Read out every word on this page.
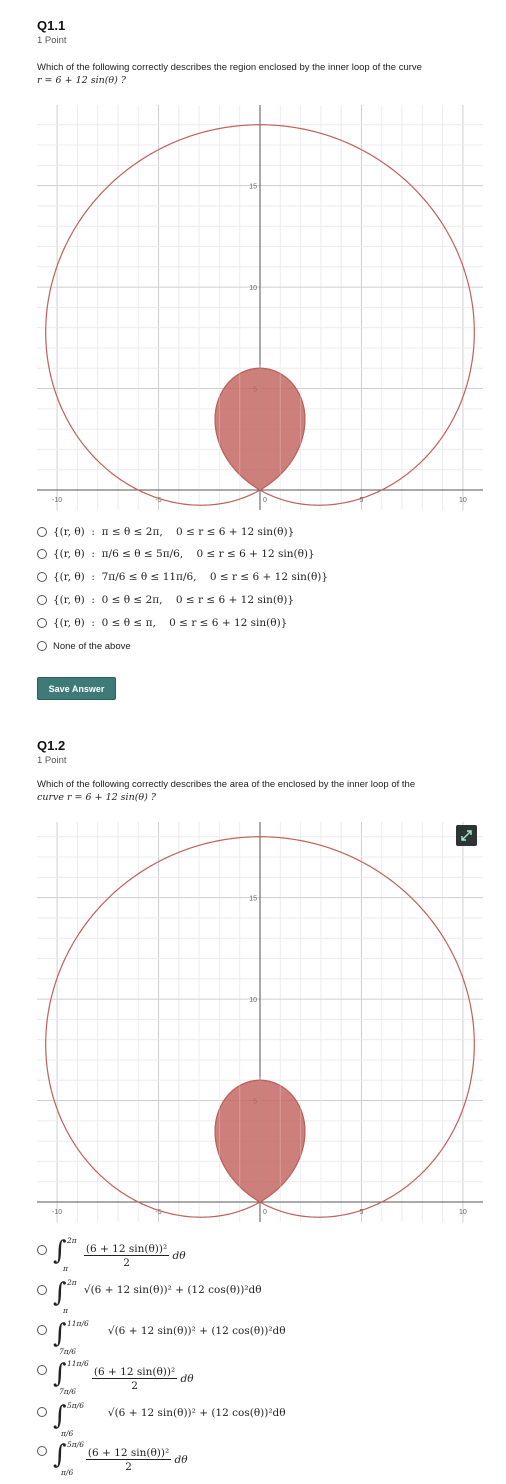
Q1.1
1 Point
Which of the following correctly describes the region enclosed by the inner loop of the curve
r = 6 + 12 sin(θ) ?
-10	-5	0	5	10
10
15
{(r, θ)  :  π ≤ θ ≤ 2π,    0 ≤ r ≤ 6 + 12 sin(θ)}
{(r, θ)  :  π/6 ≤ θ ≤ 5π/6,    0 ≤ r ≤ 6 + 12 sin(θ)}
{(r, θ)  :  7π/6 ≤ θ ≤ 11π/6,    0 ≤ r ≤ 6 + 12 sin(θ)}
{(r, θ)  :  0 ≤ θ ≤ 2π,    0 ≤ r ≤ 6 + 12 sin(θ)}
{(r, θ)  :  0 ≤ θ ≤ π,    0 ≤ r ≤ 6 + 12 sin(θ)}
None of the above
Save Answer
Q1.2
1 Point
Which of the following correctly describes the area of the enclosed by the inner loop of the
curve r = 6 + 12 sin(θ) ?
-10	-5	0	5	10
10
15
∫ 2π
π $\frac{\text{(6 + 12 sin(θ))²}}{2}$ dθ
∫ 2π
π
√(6 + 12 sin(θ))² + (12 cos(θ))²dθ
∫ 11π/6
7π/6
√(6 + 12 sin(θ))² + (12 cos(θ))²dθ
∫ 11π/6
$7\pi/6 \frac{\text{(6 + 12 sin(θ))²}}{2}$ dθ
∫ 5π/6
π/6
√(6 + 12 sin(θ))² + (12 cos(θ))²dθ
∫ 5π/6
$\pi/6 \frac{\text{(6 + 12 sin(θ))²}}{2}$ dθ
